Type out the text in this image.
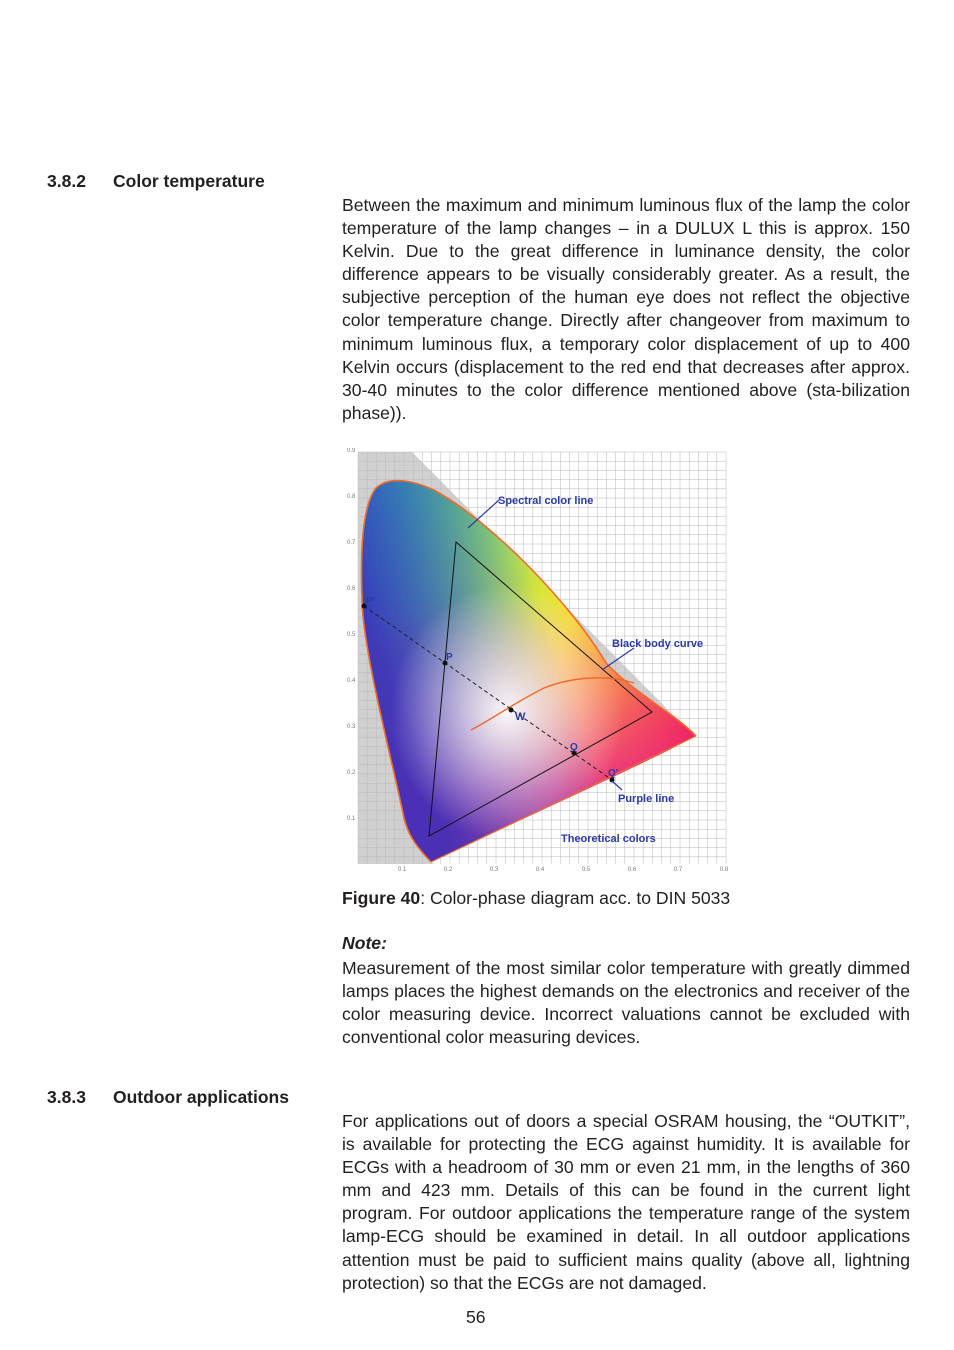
3.8.2 Color temperature

Between the maximum and minimum luminous flux of the lamp the color temperature of the lamp changes – in a DULUX L this is approx. 150 Kelvin. Due to the great difference in luminance density, the color difference appears to be visually considerably greater. As a result, the subjective perception of the human eye does not reflect the objective color temperature change. Directly after changeover from maximum to minimum luminous flux, a temporary color displacement of up to 400 Kelvin occurs (displacement to the red end that decreases after approx. 30-40 minutes to the color difference mentioned above (sta-bilization phase)).

Spectral color line
Black body curve
Purple line
Theoretical colors
P'
P
W
Q
Q'
0.1	0.2	0.3	0.4	0.5	0.6	0.7	0.8
0.1
0.2
0.3
0.4
0.5
0.6
0.7
0.8
0.9
Figure 40: Color-phase diagram acc. to DIN 5033
Note:

Measurement of the most similar color temperature with greatly dimmed lamps places the highest demands on the electronics and receiver of the color measuring device. Incorrect valuations cannot be excluded with conventional color measuring devices.

3.8.3 Outdoor applications

For applications out of doors a special OSRAM housing, the “OUTKIT”, is available for protecting the ECG against humidity. It is available for ECGs with a headroom of 30 mm or even 21 mm, in the lengths of 360 mm and 423 mm. Details of this can be found in the current light program. For outdoor applications the temperature range of the system lamp-ECG should be examined in detail. In all outdoor applications attention must be paid to sufficient mains quality (above all, lightning protection) so that the ECGs are not damaged.

56
